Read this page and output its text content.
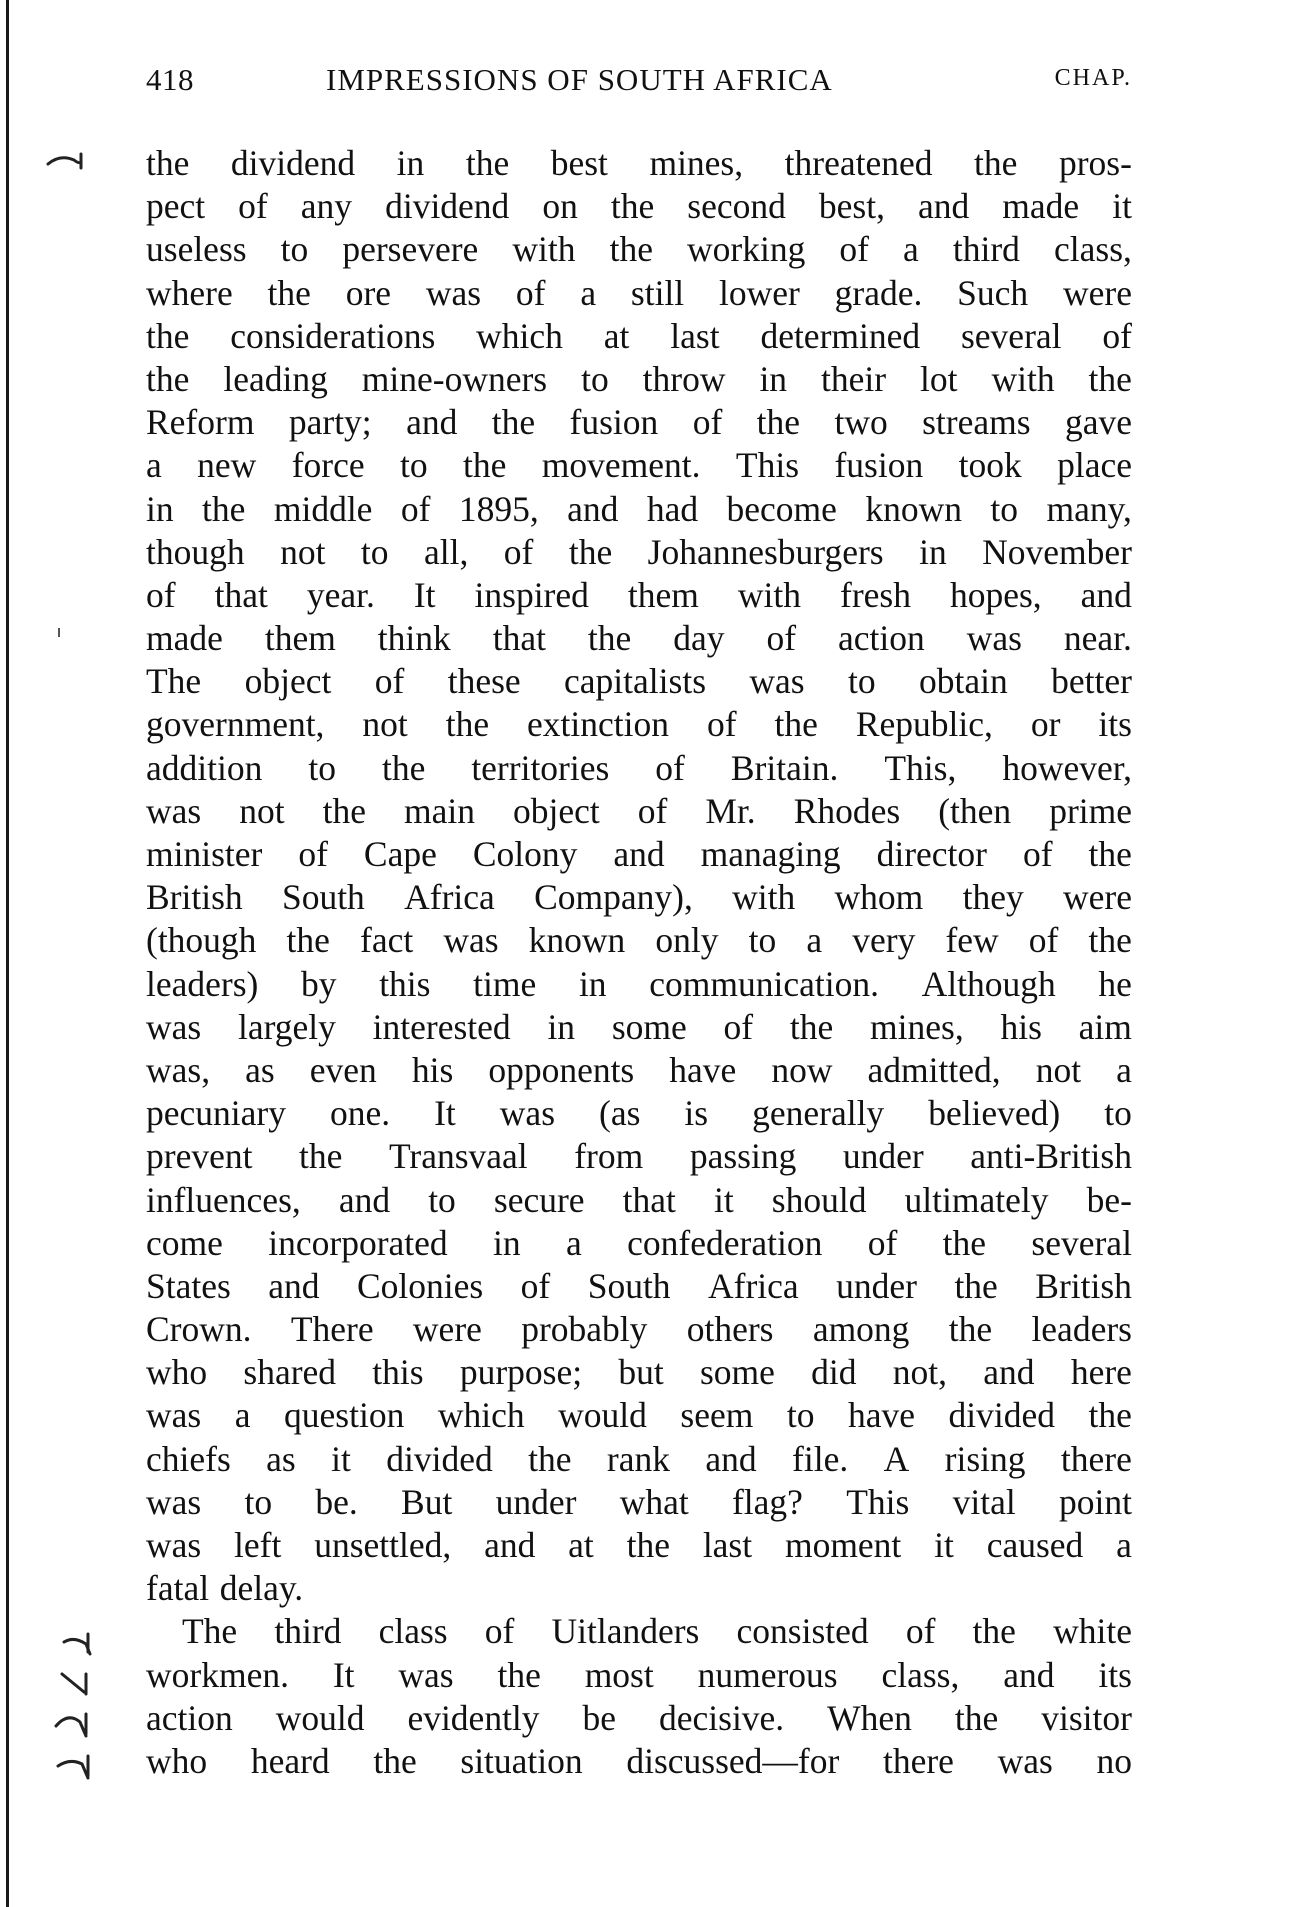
418	IMPRESSIONS OF SOUTH AFRICA	CHAP.
the dividend in the best mines, threatened the pros-
pect of any dividend on the second best, and made it
useless to persevere with the working of a third class,
where the ore was of a still lower grade. Such were
the considerations which at last determined several of
the leading mine-owners to throw in their lot with the
Reform party; and the fusion of the two streams gave
a new force to the movement. This fusion took place
in the middle of 1895, and had become known to many,
though not to all, of the Johannesburgers in November
of that year. It inspired them with fresh hopes, and
made them think that the day of action was near.
The object of these capitalists was to obtain better
government, not the extinction of the Republic, or its
addition to the territories of Britain. This, however,
was not the main object of Mr. Rhodes (then prime
minister of Cape Colony and managing director of the
British South Africa Company), with whom they were
(though the fact was known only to a very few of the
leaders) by this time in communication. Although he
was largely interested in some of the mines, his aim
was, as even his opponents have now admitted, not a
pecuniary one. It was (as is generally believed) to
prevent the Transvaal from passing under anti-British
influences, and to secure that it should ultimately be-
come incorporated in a confederation of the several
States and Colonies of South Africa under the British
Crown. There were probably others among the leaders
who shared this purpose; but some did not, and here
was a question which would seem to have divided the
chiefs as it divided the rank and file. A rising there
was to be. But under what flag? This vital point
was left unsettled, and at the last moment it caused a
fatal delay.
The third class of Uitlanders consisted of the white
workmen. It was the most numerous class, and its
action would evidently be decisive. When the visitor
who heard the situation discussed—for there was no
